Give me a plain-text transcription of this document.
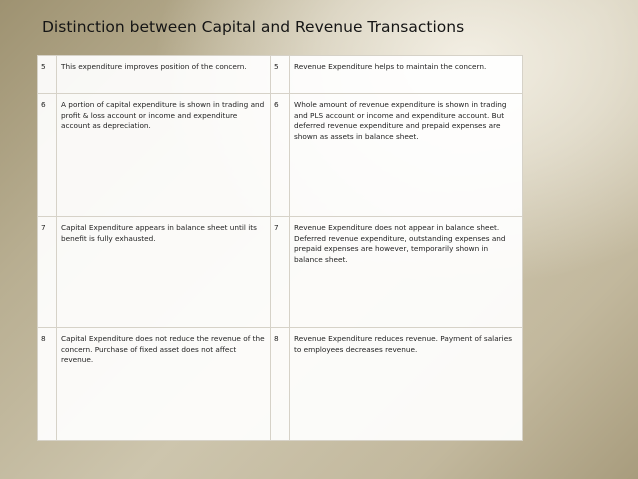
Distinction between Capital and Revenue Transactions
5	This expenditure improves position of the concern.	5	Revenue Expenditure helps to maintain the concern.
6	A portion of capital expenditure is shown in trading and profit & loss account or income and expenditure account as depreciation.	6	Whole amount of revenue expenditure is shown in trading and PLS account or income and expenditure account. But deferred revenue expenditure and prepaid expenses are shown as assets in balance sheet.
7	Capital Expenditure appears in balance sheet until its benefit is fully exhausted.	7	Revenue Expenditure does not appear in balance sheet. Deferred revenue expenditure, outstanding expenses and prepaid expenses are however, temporarily shown in balance sheet.
8	Capital Expenditure does not reduce the revenue of the concern. Purchase of fixed asset does not affect revenue.	8	Revenue Expenditure reduces revenue. Payment of salaries to employees decreases revenue.
